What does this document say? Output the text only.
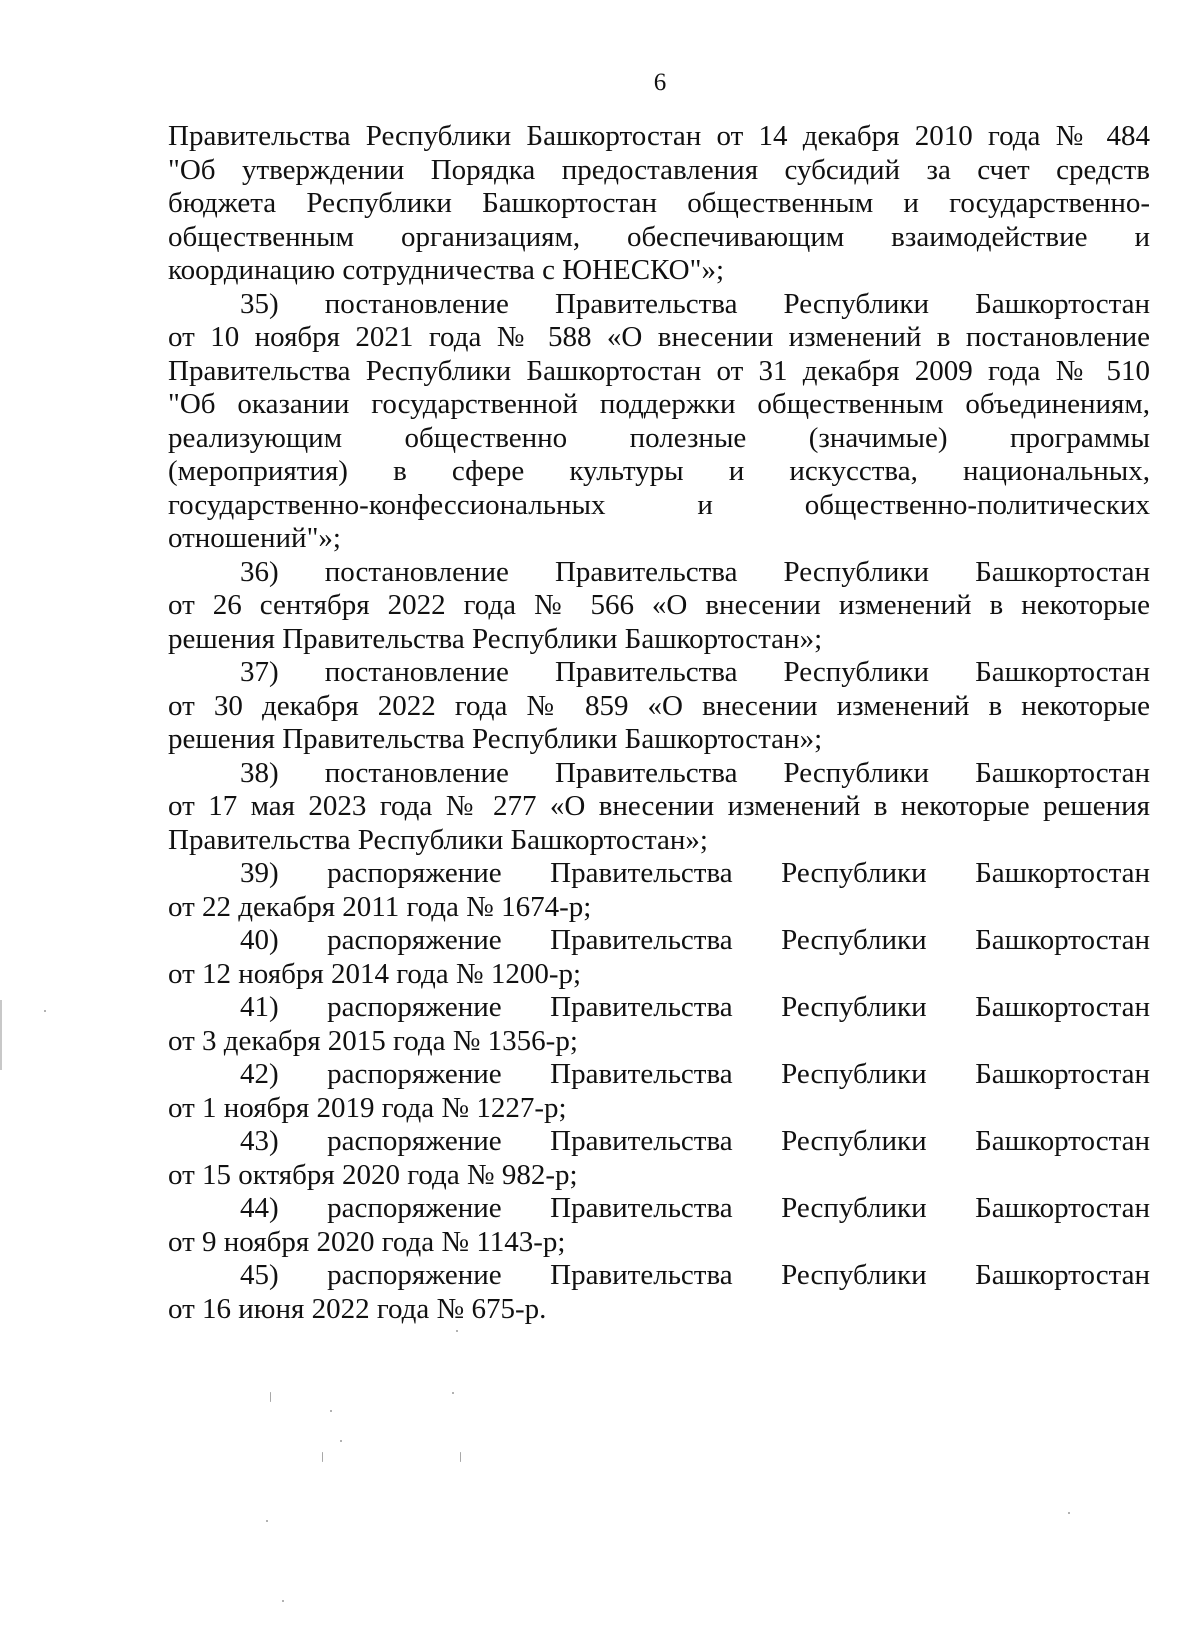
6
Правительства Республики Башкортостан от 14 декабря 2010 года № 484
"Об утверждении Порядка предоставления субсидий за счет средств
бюджета Республики Башкортостан общественным и государственно-
общественным организациям, обеспечивающим взаимодействие и
координацию сотрудничества с ЮНЕСКО"»;
35) постановление Правительства Республики Башкортостан
от 10 ноября 2021 года № 588 «О внесении изменений в постановление
Правительства Республики Башкортостан от 31 декабря 2009 года № 510
"Об оказании государственной поддержки общественным объединениям,
реализующим общественно полезные (значимые) программы
(мероприятия) в сфере культуры и искусства, национальных,
государственно-конфессиональных и общественно-политических
отношений"»;
36) постановление Правительства Республики Башкортостан
от 26 сентября 2022 года № 566 «О внесении изменений в некоторые
решения Правительства Республики Башкортостан»;
37) постановление Правительства Республики Башкортостан
от 30 декабря 2022 года № 859 «О внесении изменений в некоторые
решения Правительства Республики Башкортостан»;
38) постановление Правительства Республики Башкортостан
от 17 мая 2023 года № 277 «О внесении изменений в некоторые решения
Правительства Республики Башкортостан»;
39) распоряжение Правительства Республики Башкортостан
от 22 декабря 2011 года № 1674-р;
40) распоряжение Правительства Республики Башкортостан
от 12 ноября 2014 года № 1200-р;
41) распоряжение Правительства Республики Башкортостан
от 3 декабря 2015 года № 1356-р;
42) распоряжение Правительства Республики Башкортостан
от 1 ноября 2019 года № 1227-р;
43) распоряжение Правительства Республики Башкортостан
от 15 октября 2020 года № 982-р;
44) распоряжение Правительства Республики Башкортостан
от 9 ноября 2020 года № 1143-р;
45) распоряжение Правительства Республики Башкортостан
от 16 июня 2022 года № 675-р.
